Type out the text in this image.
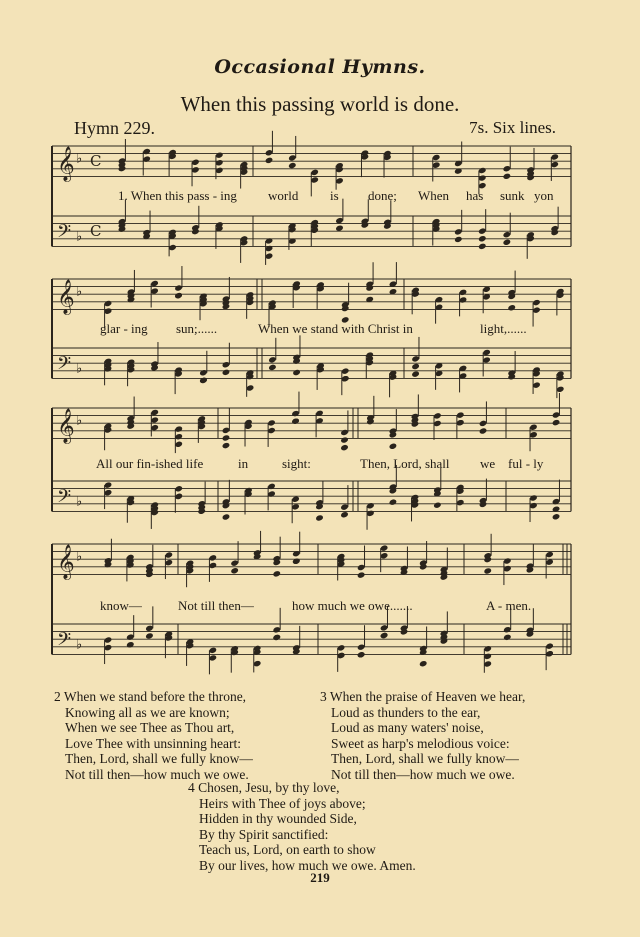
Occasional Hymns.
When this passing world is done.
Hymn 229.	7s. Six lines.
𝄞 ♭ C
𝄢 ♭ C
𝄞 ♭
𝄢 ♭
𝄞 ♭
𝄢 ♭
𝄞 ♭
𝄢 ♭
1. When this pass - ing world is done; When has sunk yon
glar - ing sun;......	When we stand with Christ in	light,......
All our fin-ished life	in	sight:	Then, Lord, shall we ful - ly
know—	Not till then—	how much we owe.......	A - men.
2 When we stand before the throne,
Knowing all as we are known;
When we see Thee as Thou art,
Love Thee with unsinning heart:
Then, Lord, shall we fully know—
Not till then—how much we owe.
3 When the praise of Heaven we hear,
Loud as thunders to the ear,
Loud as many waters' noise,
Sweet as harp's melodious voice:
Then, Lord, shall we fully know—
Not till then—how much we owe.
4 Chosen, Jesu, by thy love,
Heirs with Thee of joys above;
Hidden in thy wounded Side,
By thy Spirit sanctified:
Teach us, Lord, on earth to show
By our lives, how much we owe. Amen.
219
